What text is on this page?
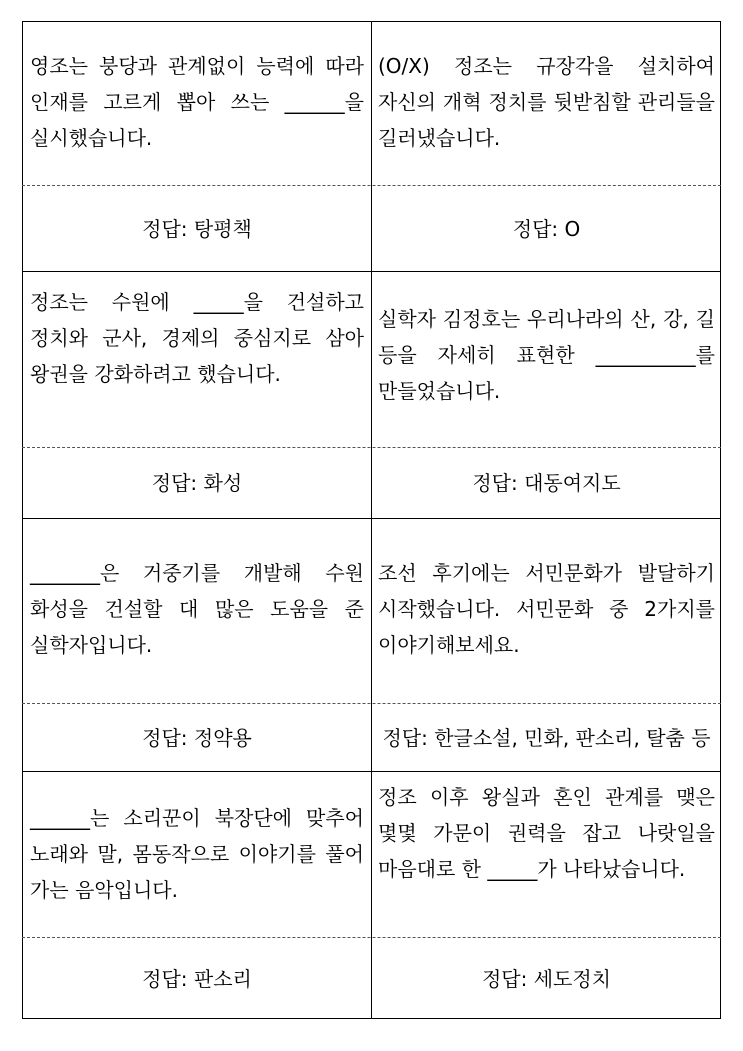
영조는 붕당과 관계없이 능력에 따라 인재를 고르게 뽑아 쓰는 ______을 실시했습니다.
정답: 탕평책
(O/X) 정조는 규장각을 설치하여 자신의 개혁 정치를 뒷받침할 관리들을 길러냈습니다.
정답: O
정조는 수원에 _____을 건설하고 정치와 군사, 경제의 중심지로 삼아 왕권을 강화하려고 했습니다.
정답: 화성
실학자 김정호는 우리나라의 산, 강, 길 등을 자세히 표현한 __________를 만들었습니다.
정답: 대동여지도
_______은 거중기를 개발해 수원 화성을 건설할 대 많은 도움을 준 실학자입니다.
정답: 정약용
조선 후기에는 서민문화가 발달하기 시작했습니다. 서민문화 중 2가지를 이야기해보세요.
정답: 한글소설, 민화, 판소리, 탈춤 등
______는 소리꾼이 북장단에 맞추어 노래와 말, 몸동작으로 이야기를 풀어 가는 음악입니다.
정답: 판소리
정조 이후 왕실과 혼인 관계를 맺은 몇몇 가문이 권력을 잡고 나랏일을 마음대로 한 _____가 나타났습니다.
정답: 세도정치
